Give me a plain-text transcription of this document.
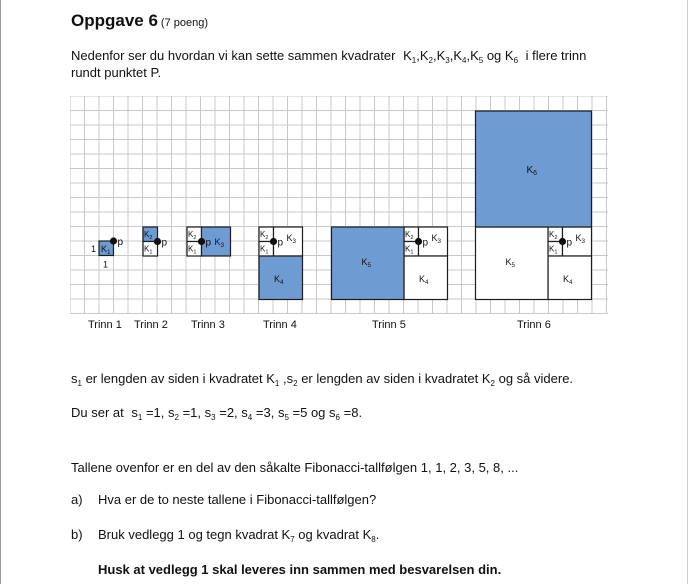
Oppgave 6 (7 poeng)
Nedenfor ser du hvordan vi kan sette sammen kvadrater $K_1,K_2,K_3,K_4,K_5$ og $K_6$ i flere trinn
rundt punktet P.
$K_1$
p
1
1
$K_2$
$K_1$
p
$K_2$
$K_1$
$K_3$
p
$K_2$
$K_1$
$K_3$
$K_4$
p
$K_2$
$K_1$
$K_3$
$K_4$
$K_5$
p
$K_2$
$K_1$
$K_3$
$K_4$
$K_5$
$K_6$
p
Trinn 1 Trinn 2 Trinn 3	Trinn 4	Trinn 5	Trinn 6
$s_1$ er lengden av siden i kvadratet $K_1$ $,s_2$ er lengden av siden i kvadratet $K_2$ og så videre.
Du ser at $s_1 =1$, $s_2 =1$, $s_3 =2$, $s_4 =3$, $s_5 =5$ og $s_6 =8$.
Tallene ovenfor er en del av den såkalte Fibonacci-tallfølgen 1, 1, 2, 3, 5, 8, ...
a) Hva er de to neste tallene i Fibonacci-tallfølgen?
b) Bruk vedlegg 1 og tegn kvadrat $K_7$ og kvadrat $K_8$.
Husk at vedlegg 1 skal leveres inn sammen med besvarelsen din.
